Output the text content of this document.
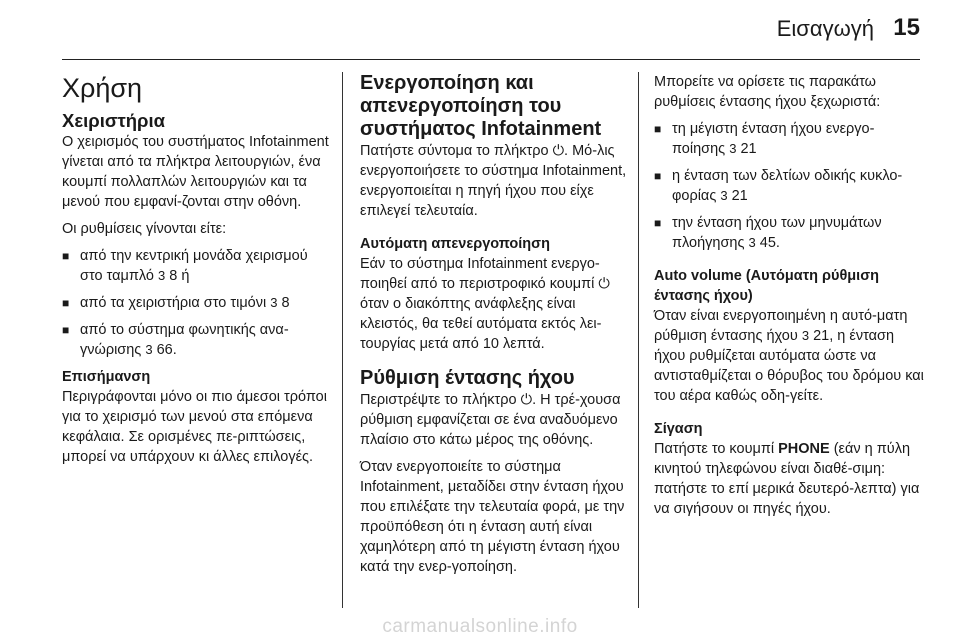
Εισαγωγή 15
Χρήση
Χειριστήρια

Ο χειρισμός του συστήματος Infotainment γίνεται από τα πλήκτρα λειτουργιών, ένα κουμπί πολλαπλών λειτουργιών και τα μενού που εμφανί-ζονται στην οθόνη.

Οι ρυθμίσεις γίνονται είτε:

■ από την κεντρική μονάδα χειρισμού στο ταμπλό 3 8 ή
■ από τα χειριστήρια στο τιμόνι 3 8
■ από το σύστημα φωνητικής ανα-γνώρισης 3 66.
Επισήμανση

Περιγράφονται μόνο οι πιο άμεσοι τρόποι για το χειρισμό των μενού στα επόμενα κεφάλαια. Σε ορισμένες πε-ριπτώσεις, μπορεί να υπάρχουν κι άλλες επιλογές.

Ενεργοποίηση και απενεργοποίηση του συστήματος Infotainment

Πατήστε σύντομα το πλήκτρο ⏻. Μό-λις ενεργοποιήσετε το σύστημα Infotainment, ενεργοποιείται η πηγή ήχου που είχε επιλεγεί τελευταία.

Αυτόματη απενεργοποίηση

Εάν το σύστημα Infotainment ενεργο-ποιηθεί από το περιστροφικό κουμπί ⏻ όταν ο διακόπτης ανάφλεξης είναι κλειστός, θα τεθεί αυτόματα εκτός λει-τουργίας μετά από 10 λεπτά.

Ρύθμιση έντασης ήχου

Περιστρέψτε το πλήκτρο ⏻. Η τρέ-χουσα ρύθμιση εμφανίζεται σε ένα αναδυόμενο πλαίσιο στο κάτω μέρος της οθόνης.

Όταν ενεργοποιείτε το σύστημα Infotainment, μεταδίδει στην ένταση ήχου που επιλέξατε την τελευταία φορά, με την προϋπόθεση ότι η ένταση αυτή είναι χαμηλότερη από τη μέγιστη ένταση ήχου κατά την ενερ-γοποίηση.

Μπορείτε να ορίσετε τις παρακάτω ρυθμίσεις έντασης ήχου ξεχωριστά:

■ τη μέγιστη ένταση ήχου ενεργο-ποίησης 3 21
■ η ένταση των δελτίων οδικής κυκλο-φορίας 3 21
■ την ένταση ήχου των μηνυμάτων πλοήγησης 3 45.
Auto volume (Αυτόματη ρύθμιση έντασης ήχου)

Όταν είναι ενεργοποιημένη η αυτό-ματη ρύθμιση έντασης ήχου 3 21, η ένταση ήχου ρυθμίζεται αυτόματα ώστε να αντισταθμίζεται ο θόρυβος του δρόμου και του αέρα καθώς οδη-γείτε.

Σίγαση

Πατήστε το κουμπί PHONE (εάν η πύλη κινητού τηλεφώνου είναι διαθέ-σιμη: πατήστε το επί μερικά δευτερό-λεπτα) για να σιγήσουν οι πηγές ήχου.

carmanualsonline.info
